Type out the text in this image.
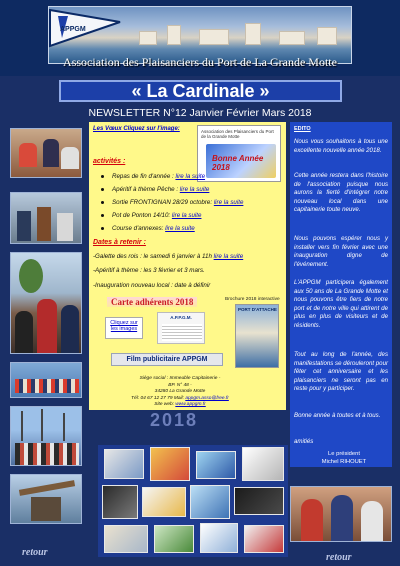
APPGM
Association des Plaisanciers du Port de La Grande Motte
« La Cardinale »
NEWSLETTER N°12 Janvier Février Mars 2018
Les Vœux Cliquez sur l'image:	Association des Plaisanciers du Port de la Grande Motte
Bonne Année 2018
activités :
Repas de fin d'année : lire la suite
Apéritif à thème Pêche : lire la suite
Sortie FRONTIGNAN 28/29 octobre: lire la suite
Pot de Ponton 14/10: lire la suite
Course d'annexes: lire la suite
Dates à retenir :
-Galette des rois : le samedi 6 janvier à 11h lire la suite
-Apéritif à thème : les 3 février et 3 mars.
-Inauguration nouveau local : date à définir
Carte adhérents 2018
Cliquez sur les images
A.P.P.G.M.
Brochure 2018 interactive
PORT D'ATTACHE
Film publicitaire APPGM
Siège social : Immeuble Capitainerie -
BP. N° 48 -
34280 La Grande Motte
Tél: 04 67 12 27 79 Mail: appgm.asso@free.fr
Site web: www.appgm.fr
EDITO
Nous vous souhaitons à tous une excellente nouvelle année 2018.
Cette année restera dans l'histoire de l'association puisque nous aurons la fierté d'intégrer notre nouveau local dans une capitainerie toute neuve.
Nous pouvons espérer nous y installer vers fin février avec une inauguration digne de l'événement.
L'APPGM participera également aux 50 ans de La Grande Motte et nous pouvons être fiers de notre port et de notre ville qui attirent de plus en plus de visiteurs et de résidents.
Tout au long de l'année, des manifestations se dérouleront pour fêter cet anniversaire et les plaisanciers ne seront pas en reste pour y participer.
Bonne année à toutes et à tous.
amitiés
Le président
Michel RIHOUET
2018
retour	retour
